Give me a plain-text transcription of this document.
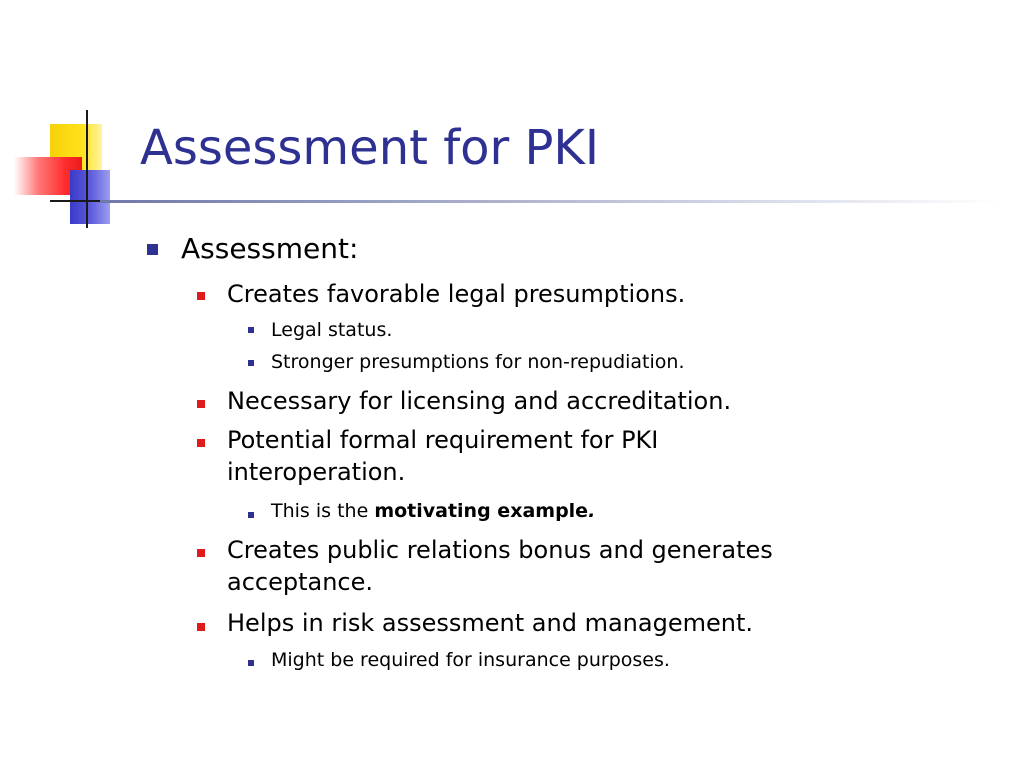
Assessment for PKI
Assessment:
Creates favorable legal presumptions.
Legal status.
Stronger presumptions for non-repudiation.
Necessary for licensing and accreditation.
Potential formal requirement for PKI
interoperation.
This is the motivating example.
Creates public relations bonus and generates
acceptance.
Helps in risk assessment and management.
Might be required for insurance purposes.
